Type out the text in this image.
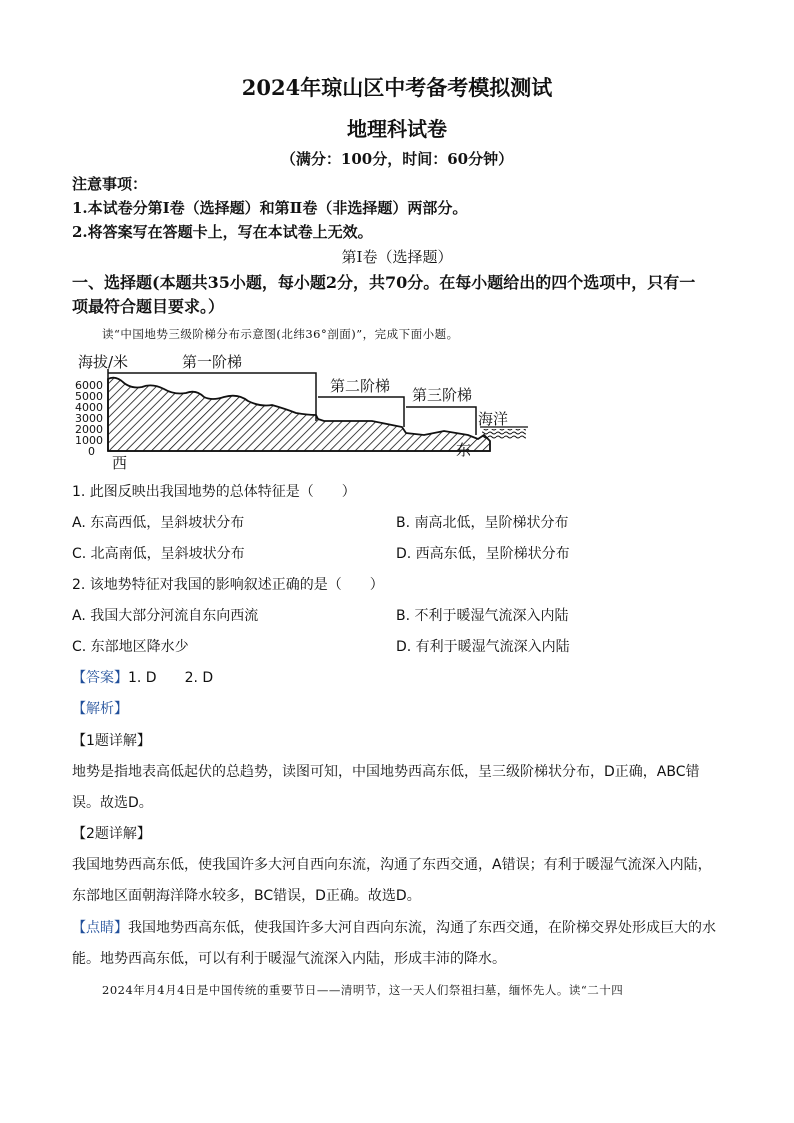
2024年琼山区中考备考模拟测试
地理科试卷
（满分：100分，时间：60分钟）
注意事项：
1.本试卷分第Ⅰ卷（选择题）和第Ⅱ卷（非选择题）两部分。
2.将答案写在答题卡上，写在本试卷上无效。
第Ⅰ卷（选择题）
一、选择题(本题共35小题，每小题2分，共70分。在每小题给出的四个选项中，只有一
项最符合题目要求。）
读“中国地势三级阶梯分布示意图(北纬36°剖面)”，完成下面小题。
海拔/米	第一阶梯
第二阶梯 第三阶梯
海洋
6000
5000
4000
3000
2000
1000
0
西
东
1. 此图反映出我国地势的总体特征是（　　）
A. 东高西低，呈斜坡状分布	B. 南高北低，呈阶梯状分布
C. 北高南低，呈斜坡状分布	D. 西高东低，呈阶梯状分布
2. 该地势特征对我国的影响叙述正确的是（　　）
A. 我国大部分河流自东向西流	B. 不利于暖湿气流深入内陆
C. 东部地区降水少	D. 有利于暖湿气流深入内陆
【答案】1. D　　2. D
【解析】
【1题详解】
地势是指地表高低起伏的总趋势，读图可知，中国地势西高东低，呈三级阶梯状分布，D正确，ABC错
误。故选D。
【2题详解】
我国地势西高东低，使我国许多大河自西向东流，沟通了东西交通，A错误；有利于暖湿气流深入内陆，
东部地区面朝海洋降水较多，BC错误，D正确。故选D。
【点睛】我国地势西高东低，使我国许多大河自西向东流，沟通了东西交通，在阶梯交界处形成巨大的水
能。地势西高东低，可以有利于暖湿气流深入内陆，形成丰沛的降水。
2024年月4月4日是中国传统的重要节日——清明节，这一天人们祭祖扫墓，缅怀先人。读“二十四
